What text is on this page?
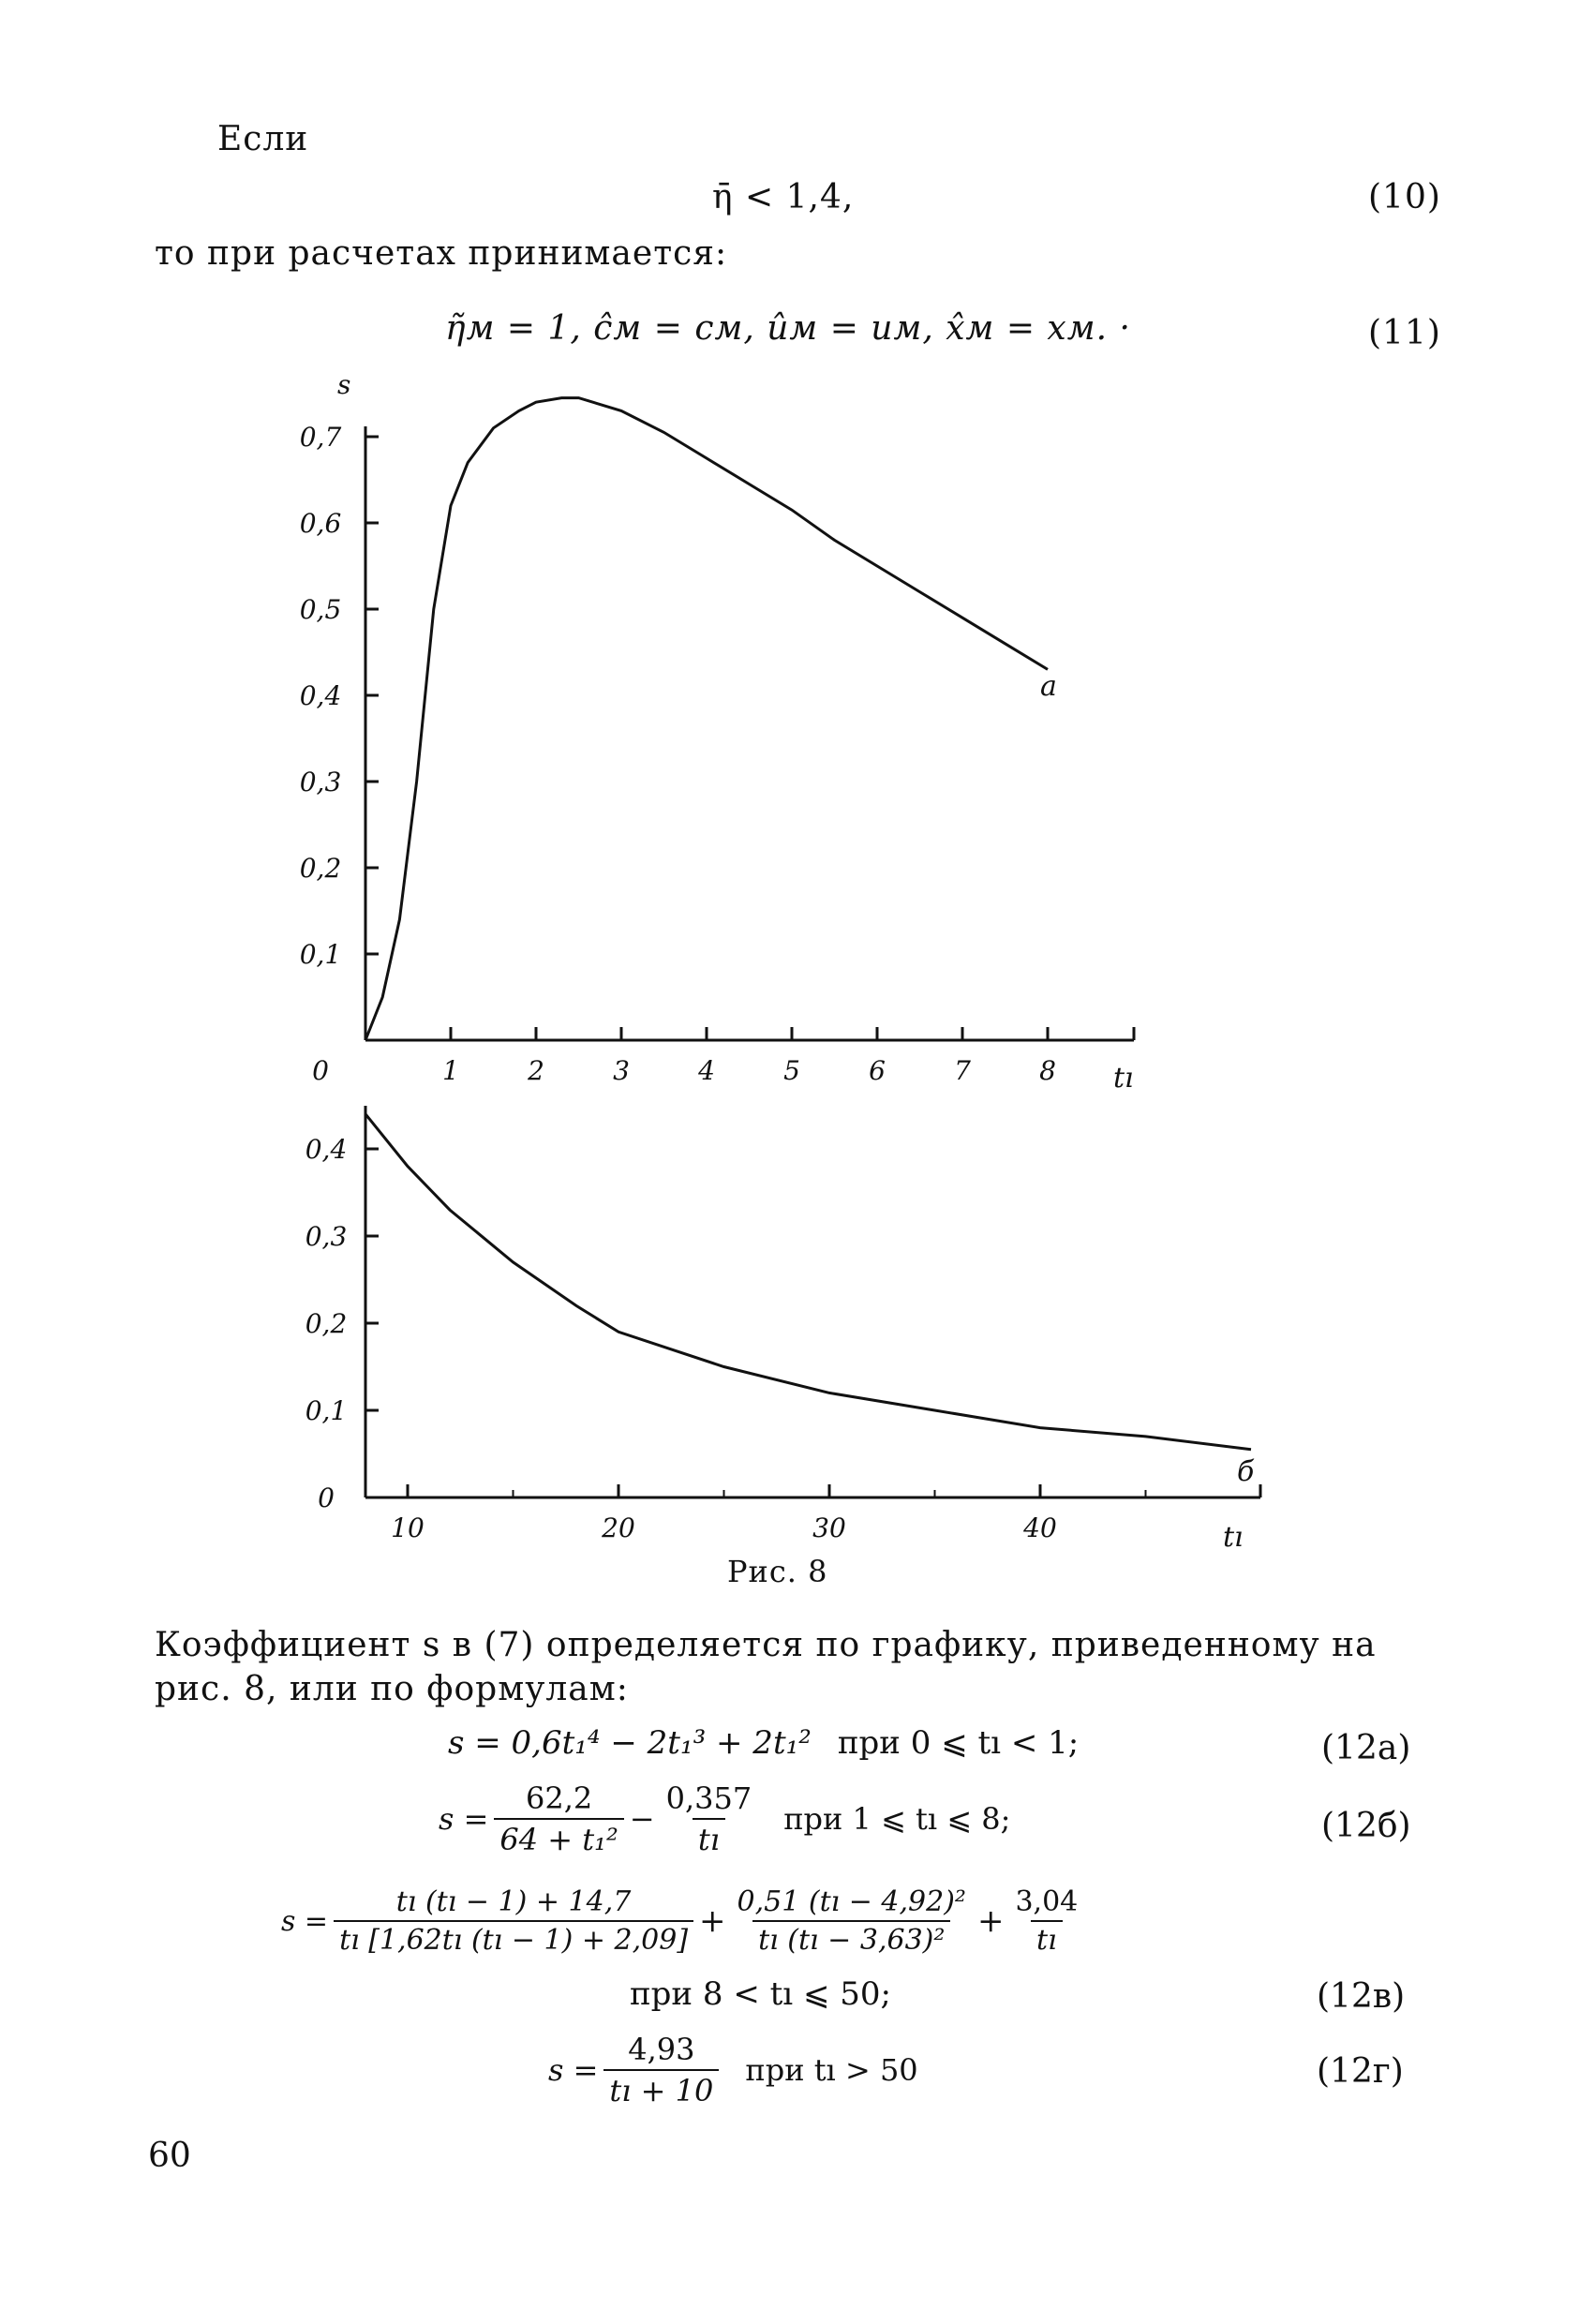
Если
η̄ < 1,4,	(10)
то при расчетах принимается:
η̃м = 1, ĉм = cм, ûм = uм, x̂м = xм. ·	(11)
s
tı
а
0,7
0,6
0,5
0,4
0,3
0,2
0,1
0	1	2	3	4	5	6	7	8
tı
б
0,4
0,3
0,2
0,1
0
10	20	30	40
Рис. 8
Коэффициент s в (7) определяется по графику, приведенному на
рис. 8, или по формулам:
s = 0,6t₁⁴ − 2t₁³ + 2t₁² при 0 ⩽ tı < 1;	(12а)
$s = \frac{62,2}{\text{64 + t₁²}} - \frac{0,357}{tı}$ при 1 ⩽ tı ⩽ 8;	(12б)
$s = \frac{tı (tı - 1) + 14,7}{tı [1,62tı (tı - 1) + 2,09]} + \frac{\text{0,51 (tı − 4,92)²}}{\text{tı (tı − 3,63)²}} + \frac{3,04}{tı}$
при 8 < tı ⩽ 50;	(12в)
$s = \frac{4,93}{tı + 10}$ при tı > 50	(12г)
60
